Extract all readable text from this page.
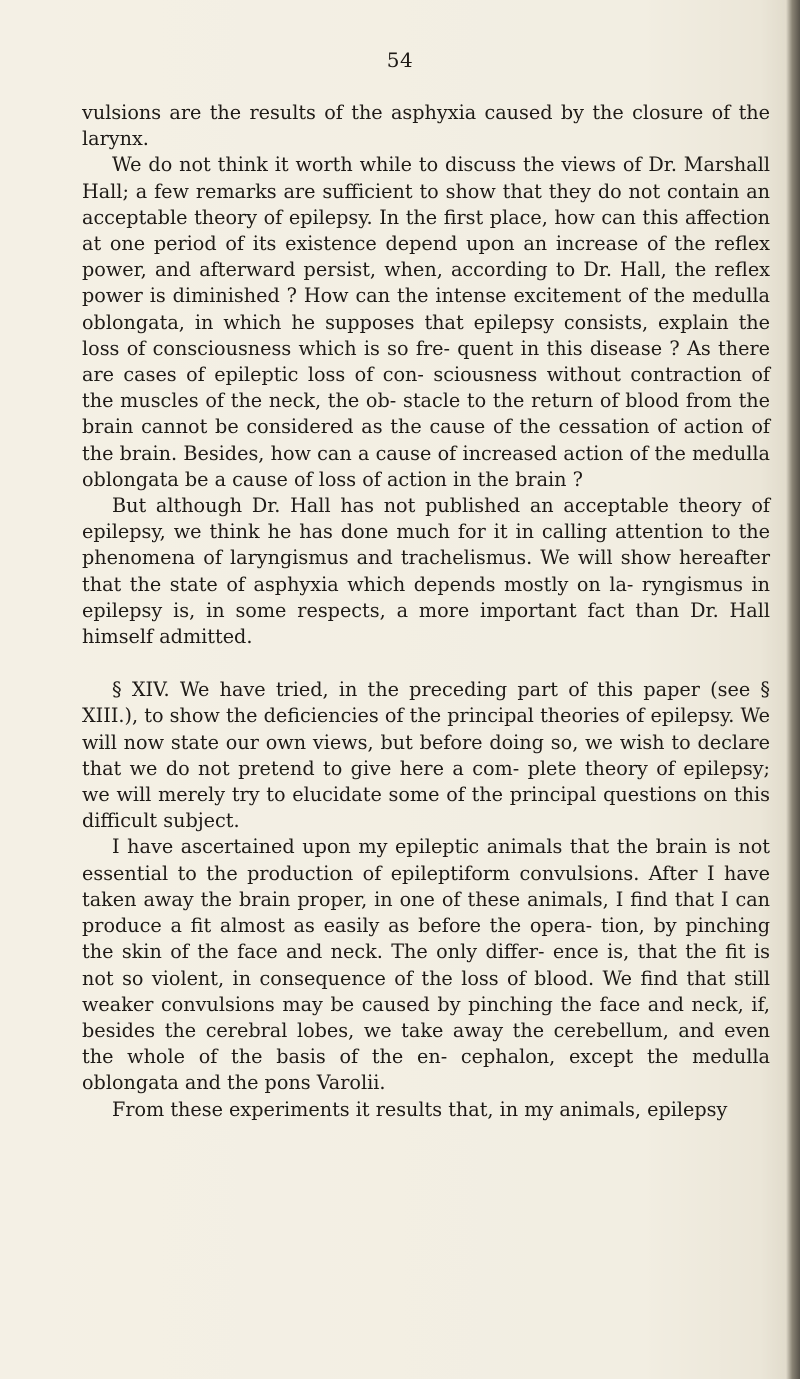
54

vulsions are the results of the asphyxia caused by the closure of the larynx.

We do not think it worth while to discuss the views of Dr. Marshall Hall; a few remarks are sufficient to show that they do not contain an acceptable theory of epilepsy. In the first place, how can this affection at one period of its existence depend upon an increase of the reflex power, and afterward persist, when, according to Dr. Hall, the reflex power is diminished ? How can the intense excitement of the medulla oblongata, in which he supposes that epilepsy consists, explain the loss of consciousness which is so fre- quent in this disease ? As there are cases of epileptic loss of con- sciousness without contraction of the muscles of the neck, the ob- stacle to the return of blood from the brain cannot be considered as the cause of the cessation of action of the brain. Besides, how can a cause of increased action of the medulla oblongata be a cause of loss of action in the brain ?

But although Dr. Hall has not published an acceptable theory of epilepsy, we think he has done much for it in calling attention to the phenomena of laryngismus and trachelismus. We will show hereafter that the state of asphyxia which depends mostly on la- ryngismus in epilepsy is, in some respects, a more important fact than Dr. Hall himself admitted.

§ XIV. We have tried, in the preceding part of this paper (see § XIII.), to show the deficiencies of the principal theories of epilepsy. We will now state our own views, but before doing so, we wish to declare that we do not pretend to give here a com- plete theory of epilepsy; we will merely try to elucidate some of the principal questions on this difficult subject.

I have ascertained upon my epileptic animals that the brain is not essential to the production of epileptiform convulsions. After I have taken away the brain proper, in one of these animals, I find that I can produce a fit almost as easily as before the opera- tion, by pinching the skin of the face and neck. The only differ- ence is, that the fit is not so violent, in consequence of the loss of blood. We find that still weaker convulsions may be caused by pinching the face and neck, if, besides the cerebral lobes, we take away the cerebellum, and even the whole of the basis of the en- cephalon, except the medulla oblongata and the pons Varolii.

From these experiments it results that, in my animals, epilepsy
